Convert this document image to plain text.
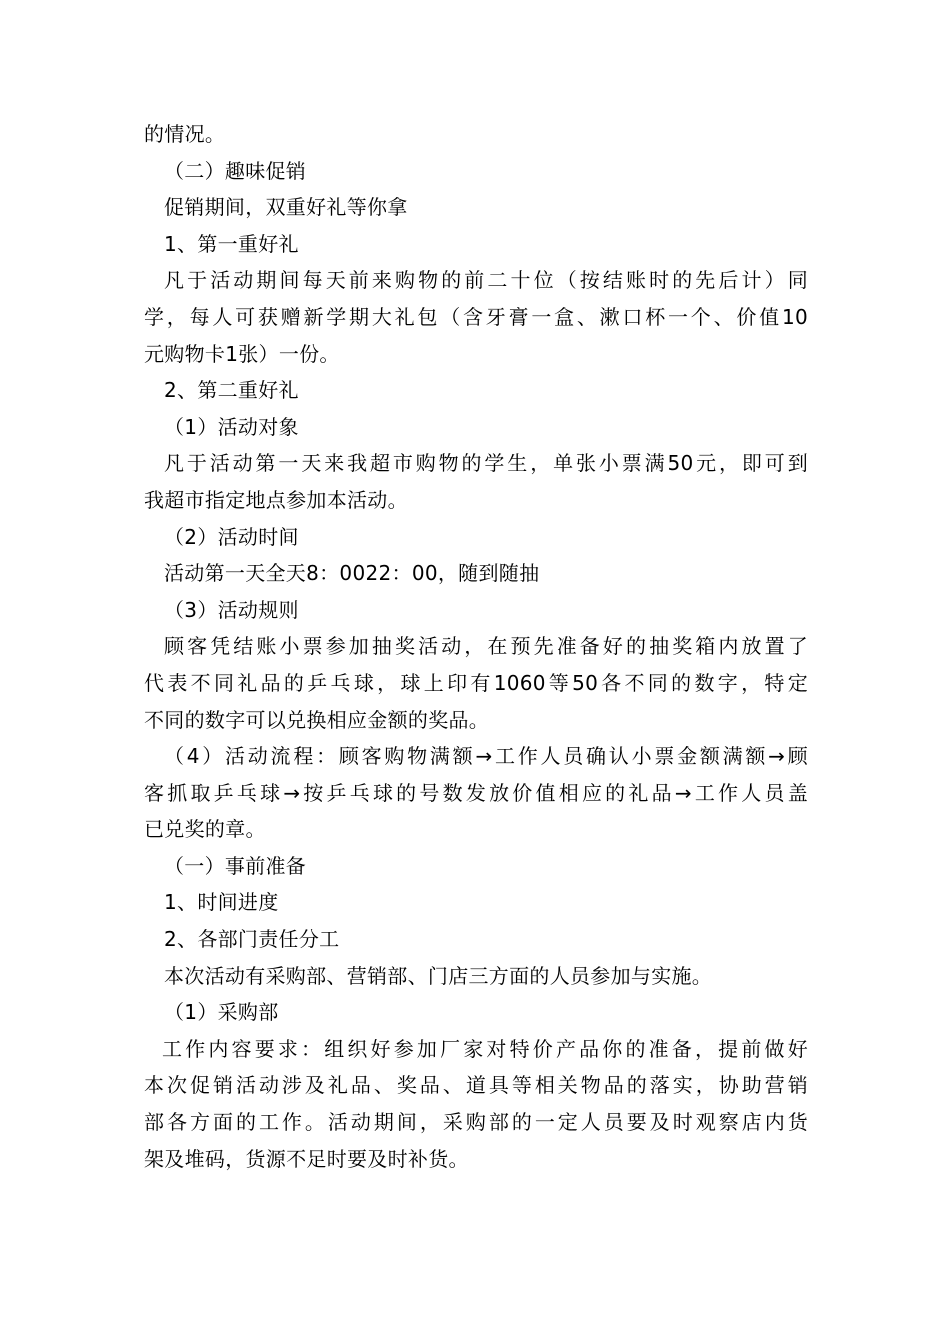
的情况。
（二）趣味促销
促销期间，双重好礼等你拿
1、第一重好礼
凡于活动期间每天前来购物的前二十位（按结账时的先后计）同
学，每人可获赠新学期大礼包（含牙膏一盒、漱口杯一个、价值10
元购物卡1张）一份。
2、第二重好礼
（1）活动对象
凡于活动第一天来我超市购物的学生，单张小票满50元，即可到
我超市指定地点参加本活动。
（2）活动时间
活动第一天全天8：0022：00，随到随抽
（3）活动规则
顾客凭结账小票参加抽奖活动，在预先准备好的抽奖箱内放置了
代表不同礼品的乒乓球，球上印有1060等50各不同的数字，特定
不同的数字可以兑换相应金额的奖品。
（4）活动流程：顾客购物满额→工作人员确认小票金额满额→顾
客抓取乒乓球→按乒乓球的号数发放价值相应的礼品→工作人员盖
已兑奖的章。
（一）事前准备
1、时间进度
2、各部门责任分工
本次活动有采购部、营销部、门店三方面的人员参加与实施。
（1）采购部
工作内容要求：组织好参加厂家对特价产品你的准备，提前做好
本次促销活动涉及礼品、奖品、道具等相关物品的落实，协助营销
部各方面的工作。活动期间，采购部的一定人员要及时观察店内货
架及堆码，货源不足时要及时补货。
